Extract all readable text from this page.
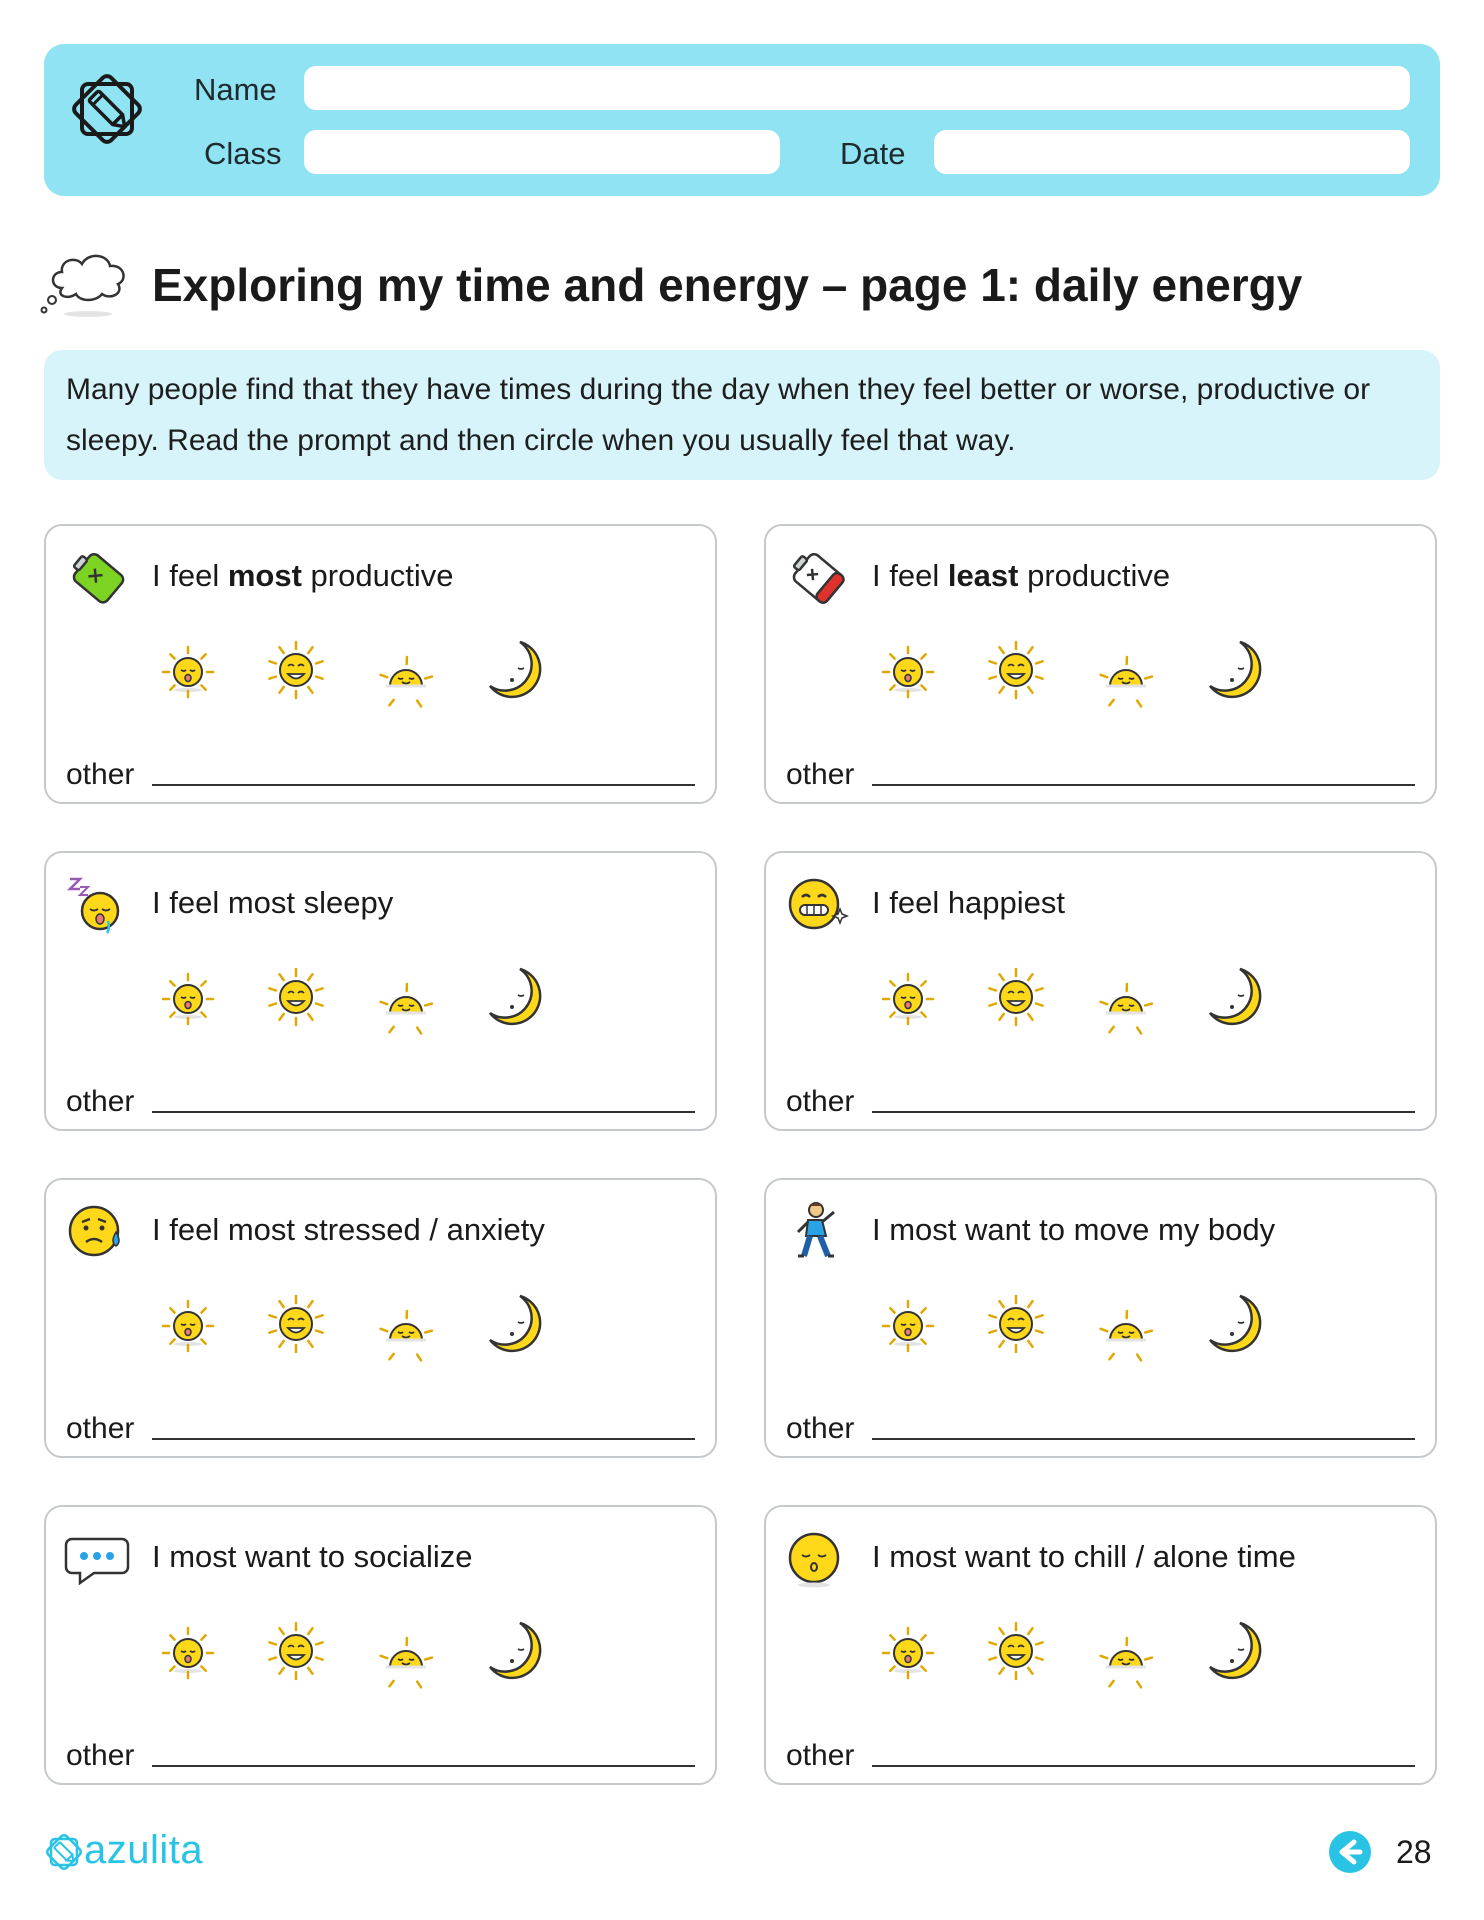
Name
Class	Date
Exploring my time and energy – page 1: daily energy

Many people find that they have times during the day when they feel better or worse, productive or sleepy. Read the prompt and then circle when you usually feel that way.

I feel most productive
other
I feel least productive
other
I feel most sleepy
other
I feel happiest
other
I feel most stressed / anxiety
other
I most want to move my body
other
I most want to socialize
other
I most want to chill / alone time
other
azulita	28
